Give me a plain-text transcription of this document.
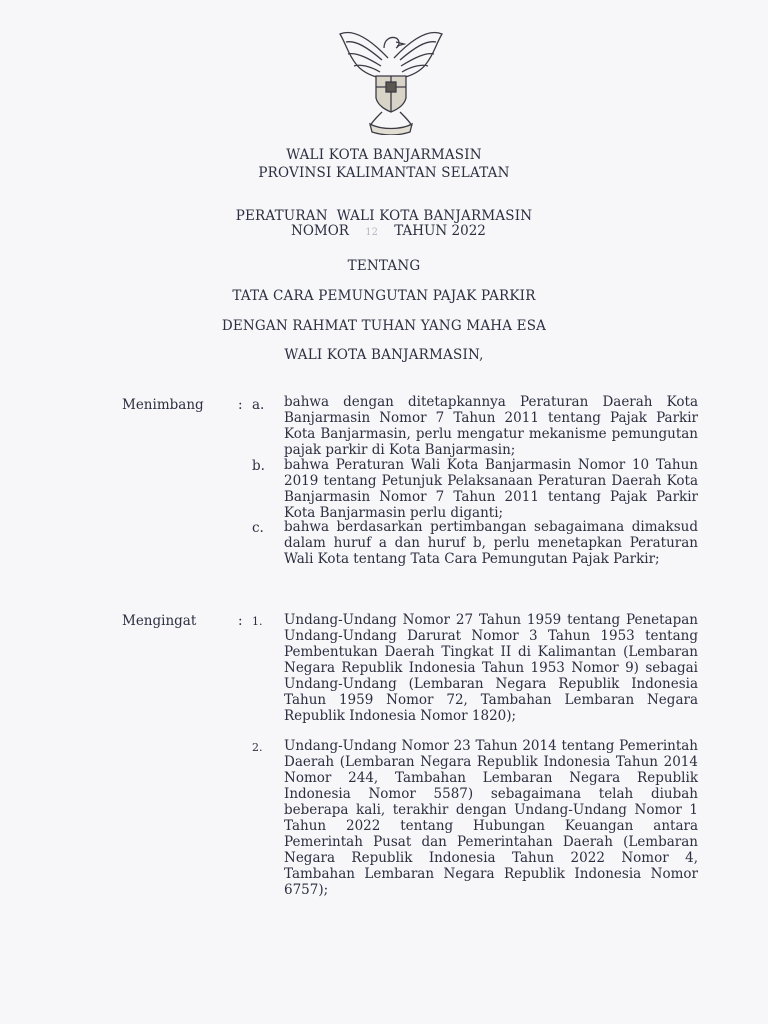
WALI KOTA BANJARMASIN
PROVINSI KALIMANTAN SELATAN
PERATURAN  WALI KOTA BANJARMASIN
NOMOR 12 TAHUN 2022
TENTANG
TATA CARA PEMUNGUTAN PAJAK PARKIR
DENGAN RAHMAT TUHAN YANG MAHA ESA
WALI KOTA BANJARMASIN,
Menimbang	: a. bahwa dengan ditetapkannya Peraturan Daerah Kota Banjarmasin Nomor 7 Tahun 2011 tentang Pajak Parkir Kota Banjarmasin, perlu mengatur mekanisme pemungutan pajak parkir di Kota Banjarmasin;
b. bahwa Peraturan Wali Kota Banjarmasin Nomor 10 Tahun 2019 tentang Petunjuk Pelaksanaan Peraturan Daerah Kota Banjarmasin Nomor 7 Tahun 2011 tentang Pajak Parkir Kota Banjarmasin perlu diganti;
c. bahwa berdasarkan pertimbangan sebagaimana dimaksud dalam huruf a dan huruf b, perlu menetapkan Peraturan Wali Kota tentang Tata Cara Pemungutan Pajak Parkir;
Mengingat	: 1. Undang-Undang Nomor 27 Tahun 1959 tentang Penetapan Undang-Undang Darurat Nomor 3 Tahun 1953 tentang Pembentukan Daerah Tingkat II di Kalimantan (Lembaran Negara Republik Indonesia Tahun 1953 Nomor 9) sebagai Undang-Undang (Lembaran Negara Republik Indonesia Tahun 1959 Nomor 72, Tambahan Lembaran Negara Republik Indonesia Nomor 1820);
2. Undang-Undang Nomor 23 Tahun 2014 tentang Pemerintah Daerah (Lembaran Negara Republik Indonesia Tahun 2014 Nomor 244, Tambahan Lembaran Negara Republik Indonesia Nomor 5587) sebagaimana telah diubah beberapa kali, terakhir dengan Undang-Undang Nomor 1 Tahun 2022 tentang Hubungan Keuangan antara Pemerintah Pusat dan Pemerintahan Daerah (Lembaran Negara Republik Indonesia Tahun 2022 Nomor 4, Tambahan Lembaran Negara Republik Indonesia Nomor 6757);
